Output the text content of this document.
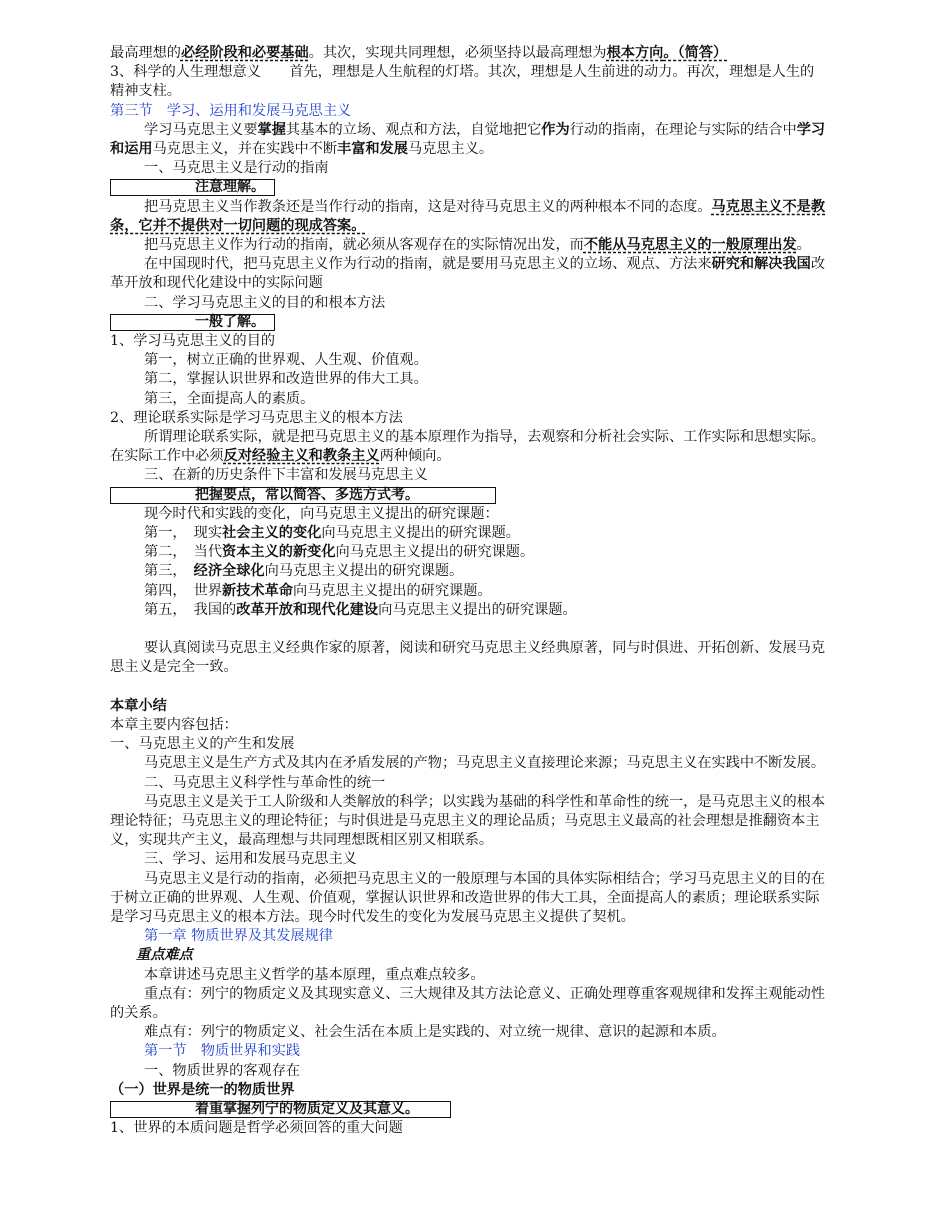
最高理想的必经阶段和必要基础。其次，实现共同理想，必须坚持以最高理想为根本方向。（简答）

3、科学的人生理想意义　　首先，理想是人生航程的灯塔。其次，理想是人生前进的动力。再次，理想是人生的精神支柱。

第三节　学习、运用和发展马克思主义

学习马克思主义要掌握其基本的立场、观点和方法，自觉地把它作为行动的指南，在理论与实际的结合中学习和运用马克思主义，并在实践中不断丰富和发展马克思主义。

一、马克思主义是行动的指南

注意理解。

把马克思主义当作教条还是当作行动的指南，这是对待马克思主义的两种根本不同的态度。马克思主义不是教条，它并不提供对一切问题的现成答案。

把马克思主义作为行动的指南，就必须从客观存在的实际情况出发，而不能从马克思主义的一般原理出发。

在中国现时代，把马克思主义作为行动的指南，就是要用马克思主义的立场、观点、方法来研究和解决我国改革开放和现代化建设中的实际问题

二、学习马克思主义的目的和根本方法

一般了解。

1、学习马克思主义的目的

第一，树立正确的世界观、人生观、价值观。

第二，掌握认识世界和改造世界的伟大工具。

第三，全面提高人的素质。

2、理论联系实际是学习马克思主义的根本方法

所谓理论联系实际，就是把马克思主义的基本原理作为指导，去观察和分析社会实际、工作实际和思想实际。在实际工作中必须反对经验主义和教条主义两种倾向。

三、在新的历史条件下丰富和发展马克思主义

把握要点，常以简答、多选方式考。

现今时代和实践的变化，向马克思主义提出的研究课题：

第一，　现实社会主义的变化向马克思主义提出的研究课题。

第二，　当代资本主义的新变化向马克思主义提出的研究课题。

第三，　经济全球化向马克思主义提出的研究课题。

第四，　世界新技术革命向马克思主义提出的研究课题。

第五，　我国的改革开放和现代化建设向马克思主义提出的研究课题。

要认真阅读马克思主义经典作家的原著，阅读和研究马克思主义经典原著，同与时俱进、开拓创新、发展马克思主义是完全一致。

本章小结

本章主要内容包括：

一、马克思主义的产生和发展

马克思主义是生产方式及其内在矛盾发展的产物；马克思主义直接理论来源；马克思主义在实践中不断发展。

二、马克思主义科学性与革命性的统一

马克思主义是关于工人阶级和人类解放的科学；以实践为基础的科学性和革命性的统一，是马克思主义的根本理论特征；马克思主义的理论特征；与时俱进是马克思主义的理论品质；马克思主义最高的社会理想是推翻资本主义，实现共产主义，最高理想与共同理想既相区别又相联系。

三、学习、运用和发展马克思主义

马克思主义是行动的指南，必须把马克思主义的一般原理与本国的具体实际相结合；学习马克思主义的目的在于树立正确的世界观、人生观、价值观，掌握认识世界和改造世界的伟大工具，全面提高人的素质；理论联系实际是学习马克思主义的根本方法。现今时代发生的变化为发展马克思主义提供了契机。

第一章 物质世界及其发展规律

重点难点

本章讲述马克思主义哲学的基本原理，重点难点较多。

重点有：列宁的物质定义及其现实意义、三大规律及其方法论意义、正确处理尊重客观规律和发挥主观能动性的关系。

难点有：列宁的物质定义、社会生活在本质上是实践的、对立统一规律、意识的起源和本质。

第一节　物质世界和实践

一、物质世界的客观存在

（一）世界是统一的物质世界

着重掌握列宁的物质定义及其意义。

1、世界的本质问题是哲学必须回答的重大问题
